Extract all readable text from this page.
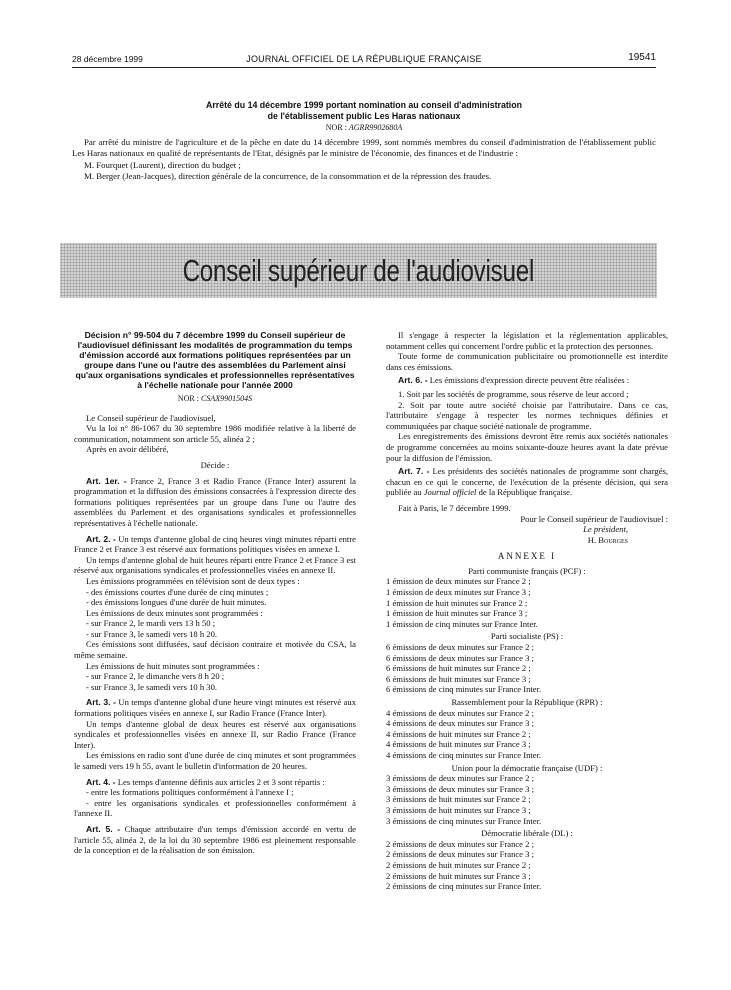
28 décembre 1999	JOURNAL OFFICIEL DE LA RÉPUBLIQUE FRANÇAISE	19541
Arrêté du 14 décembre 1999 portant nomination au conseil d'administration
de l'établissement public Les Haras nationaux
NOR : AGRR9902680A

Par arrêté du ministre de l'agriculture et de la pêche en date du 14 décembre 1999, sont nommés membres du conseil d'administration de l'établissement public Les Haras nationaux en qualité de représentants de l'Etat, désignés par le ministre de l'économie, des finances et de l'industrie :

M. Fourquet (Laurent), direction du budget ;

M. Berger (Jean-Jacques), direction générale de la concurrence, de la consommation et de la répression des fraudes.

Conseil supérieur de l'audiovisuel
Décision n° 99-504 du 7 décembre 1999 du Conseil supérieur de l'audiovisuel définissant les modalités de programmation du temps d'émission accordé aux formations politiques représentées par un groupe dans l'une ou l'autre des assemblées du Parlement ainsi qu'aux organisations syndicales et professionnelles représentatives à l'échelle nationale pour l'année 2000
NOR : CSAX9901504S

Le Conseil supérieur de l'audiovisuel,

Vu la loi n° 86-1067 du 30 septembre 1986 modifiée relative à la liberté de communication, notamment son article 55, alinéa 2 ;

Après en avoir délibéré,

Décide :

Art. 1er. - France 2, France 3 et Radio France (France Inter) assurent la programmation et la diffusion des émissions consacrées à l'expression directe des formations politiques représentées par un groupe dans l'une ou l'autre des assemblées du Parlement et des organisations syndicales et professionnelles représentatives à l'échelle nationale.

Art. 2. - Un temps d'antenne global de cinq heures vingt minutes réparti entre France 2 et France 3 est réservé aux formations politiques visées en annexe I.

Un temps d'antenne global de huit heures réparti entre France 2 et France 3 est réservé aux organisations syndicales et professionnelles visées en annexe II.

Les émissions programmées en télévision sont de deux types :

- des émissions courtes d'une durée de cinq minutes ;

- des émissions longues d'une durée de huit minutes.

Les émissions de deux minutes sont programmées :

- sur France 2, le mardi vers 13 h 50 ;

- sur France 3, le samedi vers 18 h 20.

Ces émissions sont diffusées, sauf décision contraire et motivée du CSA, la même semaine.

Les émissions de huit minutes sont programmées :

- sur France 2, le dimanche vers 8 h 20 ;

- sur France 3, le samedi vers 10 h 30.

Art. 3. - Un temps d'antenne global d'une heure vingt minutes est réservé aux formations politiques visées en annexe I, sur Radio France (France Inter).

Un temps d'antenne global de deux heures est réservé aux organisations syndicales et professionnelles visées en annexe II, sur Radio France (France Inter).

Les émissions en radio sont d'une durée de cinq minutes et sont programmées le samedi vers 19 h 55, avant le bulletin d'information de 20 heures.

Art. 4. - Les temps d'antenne définis aux articles 2 et 3 sont répartis :

- entre les formations politiques conformément à l'annexe I ;

- entre les organisations syndicales et professionnelles conformément à l'annexe II.

Art. 5. - Chaque attributaire d'un temps d'émission accordé en vertu de l'article 55, alinéa 2, de la loi du 30 septembre 1986 est pleinement responsable de la conception et de la réalisation de son émission.

Il s'engage à respecter la législation et la réglementation applicables, notamment celles qui concernent l'ordre public et la protection des personnes.

Toute forme de communication publicitaire ou promotionnelle est interdite dans ces émissions.

Art. 6. - Les émissions d'expression directe peuvent être réalisées :

1. Soit par les sociétés de programme, sous réserve de leur accord ;

2. Soit par toute autre société choisie par l'attributaire. Dans ce cas, l'attributaire s'engage à respecter les normes techniques définies et communiquées par chaque société nationale de programme.

Les enregistrements des émissions devront être remis aux sociétés nationales de programme concernées au moins soixante-douze heures avant la date prévue pour la diffusion de l'émission.

Art. 7. - Les présidents des sociétés nationales de programme sont chargés, chacun en ce qui le concerne, de l'exécution de la présente décision, qui sera publiée au Journal officiel de la République française.

Fait à Paris, le 7 décembre 1999.

Pour le Conseil supérieur de l'audiovisuel :

Le président,

H. Bourges

ANNEXE I
Parti communiste français (PCF) :
1 émission de deux minutes sur France 2 ;
1 émission de deux minutes sur France 3 ;
1 émission de huit minutes sur France 2 ;
1 émission de huit minutes sur France 3 ;
1 émission de cinq minutes sur France Inter.
Parti socialiste (PS) :
6 émissions de deux minutes sur France 2 ;
6 émissions de deux minutes sur France 3 ;
6 émissions de huit minutes sur France 2 ;
6 émissions de huit minutes sur France 3 ;
6 émissions de cinq minutes sur France Inter.
Rassemblement pour la République (RPR) :
4 émissions de deux minutes sur France 2 ;
4 émissions de deux minutes sur France 3 ;
4 émissions de huit minutes sur France 2 ;
4 émissions de huit minutes sur France 3 ;
4 émissions de cinq minutes sur France Inter.
Union pour la démocratie française (UDF) :
3 émissions de deux minutes sur France 2 ;
3 émissions de deux minutes sur France 3 ;
3 émissions de huit minutes sur France 2 ;
3 émissions de huit minutes sur France 3 ;
3 émissions de cinq minutes sur France Inter.
Démocratie libérale (DL) :
2 émissions de deux minutes sur France 2 ;
2 émissions de deux minutes sur France 3 ;
2 émissions de huit minutes sur France 2 ;
2 émissions de huit minutes sur France 3 ;
2 émissions de cinq minutes sur France Inter.
